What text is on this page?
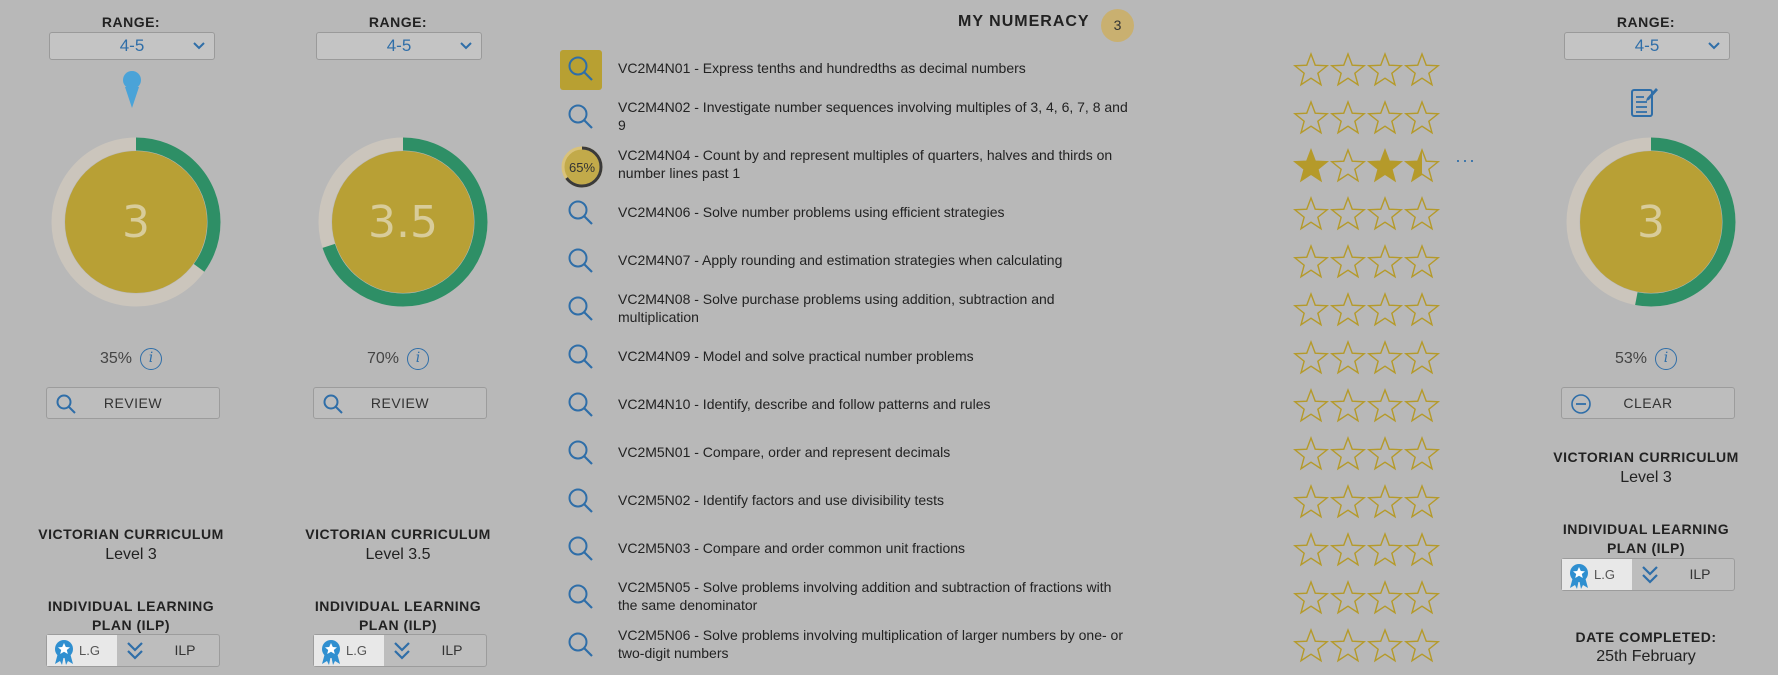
RANGE:
4-5
3
35% i
REVIEW
VICTORIAN CURRICULUM
Level 3
INDIVIDUAL LEARNING PLAN (ILP)
L.G	ILP
RANGE:
4-5
3.5
70% i
REVIEW
VICTORIAN CURRICULUM
Level 3.5
INDIVIDUAL LEARNING PLAN (ILP)
L.G	ILP
MY NUMERACY	3
VC2M4N01 - Express tenths and hundredths as decimal numbers
VC2M4N02 - Investigate number sequences involving multiples of 3, 4, 6, 7, 8 and 9
65%
VC2M4N04 - Count by and represent multiples of quarters, halves and thirds on number lines past 1
···
VC2M4N06 - Solve number problems using efficient strategies
VC2M4N07 - Apply rounding and estimation strategies when calculating
VC2M4N08 - Solve purchase problems using addition, subtraction and multiplication
VC2M4N09 - Model and solve practical number problems
VC2M4N10 - Identify, describe and follow patterns and rules
VC2M5N01 - Compare, order and represent decimals
VC2M5N02 - Identify factors and use divisibility tests
VC2M5N03 - Compare and order common unit fractions
VC2M5N05 - Solve problems involving addition and subtraction of fractions with the same denominator
VC2M5N06 - Solve problems involving multiplication of larger numbers by one- or two-digit numbers
RANGE:
4-5
3
53% i
CLEAR
VICTORIAN CURRICULUM
Level 3
INDIVIDUAL LEARNING PLAN (ILP)
L.G	ILP
DATE COMPLETED:
25th February
